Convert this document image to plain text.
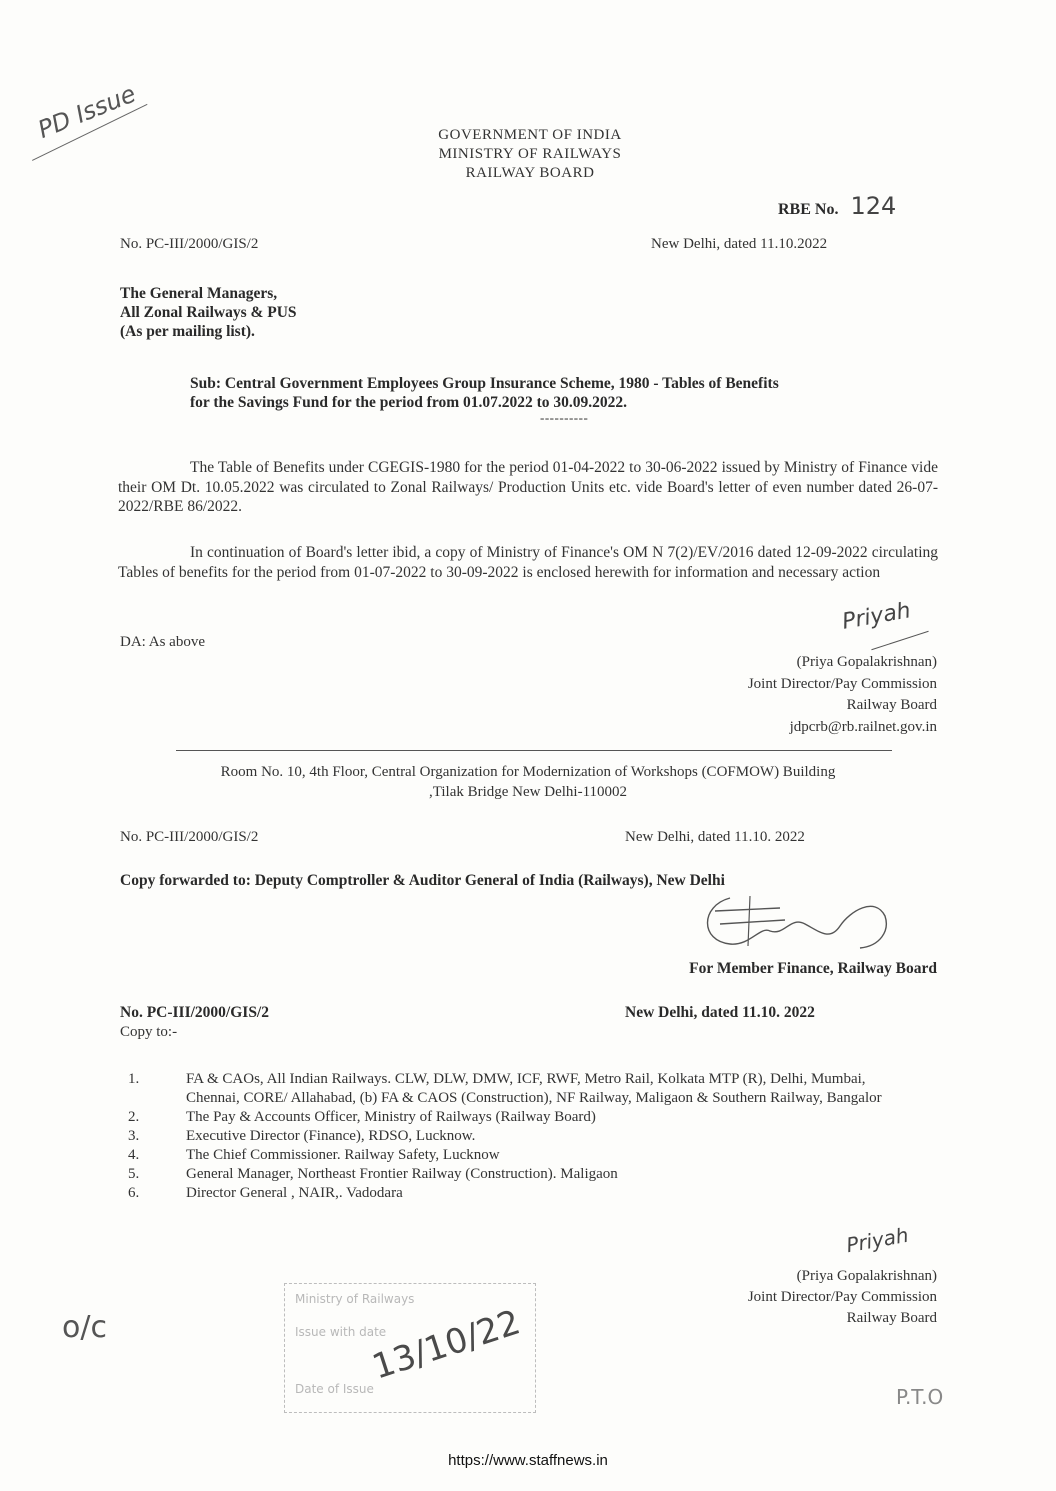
PD Issue	GOVERNMENT OF INDIA
MINISTRY OF RAILWAYS
RAILWAY BOARD
RBE No. 124
No. PC-III/2000/GIS/2	New Delhi, dated 11.10.2022
The General Managers,
All Zonal Railways & PUS
(As per mailing list).
Sub: Central Government Employees Group Insurance Scheme, 1980 - Tables of Benefits
for the Savings Fund for the period from 01.07.2022 to 30.09.2022.
----------
The Table of Benefits under CGEGIS-1980 for the period 01-04-2022 to 30-06-2022 issued by Ministry of Finance vide their OM Dt. 10.05.2022 was circulated to Zonal Railways/ Production Units etc. vide Board's letter of even number dated 26-07-2022/RBE 86/2022.
In continuation of Board's letter ibid, a copy of Ministry of Finance's OM N 7(2)/EV/2016 dated 12-09-2022 circulating Tables of benefits for the period from 01-07-2022 to 30-09-2022 is enclosed herewith for information and necessary action
DA: As above
Priyah
(Priya Gopalakrishnan)
Joint Director/Pay Commission
Railway Board
jdpcrb@rb.railnet.gov.in
Room No. 10, 4th Floor, Central Organization for Modernization of Workshops (COFMOW) Building
,Tilak Bridge New Delhi-110002
No. PC-III/2000/GIS/2	New Delhi, dated 11.10. 2022
Copy forwarded to: Deputy Comptroller & Auditor General of India (Railways), New Delhi
For Member Finance, Railway Board
No. PC-III/2000/GIS/2	New Delhi, dated 11.10. 2022
Copy to:-
1.	FA & CAOs, All Indian Railways. CLW, DLW, DMW, ICF, RWF, Metro Rail, Kolkata MTP (R), Delhi, Mumbai, Chennai, CORE/ Allahabad, (b) FA & CAOS (Construction), NF Railway, Maligaon & Southern Railway, Bangalor
2.	The Pay & Accounts Officer, Ministry of Railways (Railway Board)
3.	Executive Director (Finance), RDSO, Lucknow.
4.	The Chief Commissioner. Railway Safety, Lucknow
5.	General Manager, Northeast Frontier Railway (Construction). Maligaon
6.	Director General , NAIR,. Vadodara
Priyah
(Priya Gopalakrishnan)
Joint Director/Pay Commission
Railway Board
o/c
Ministry of Railways
Issue with date
Date of Issue
13/10/22
P.T.O
https://www.staffnews.in
